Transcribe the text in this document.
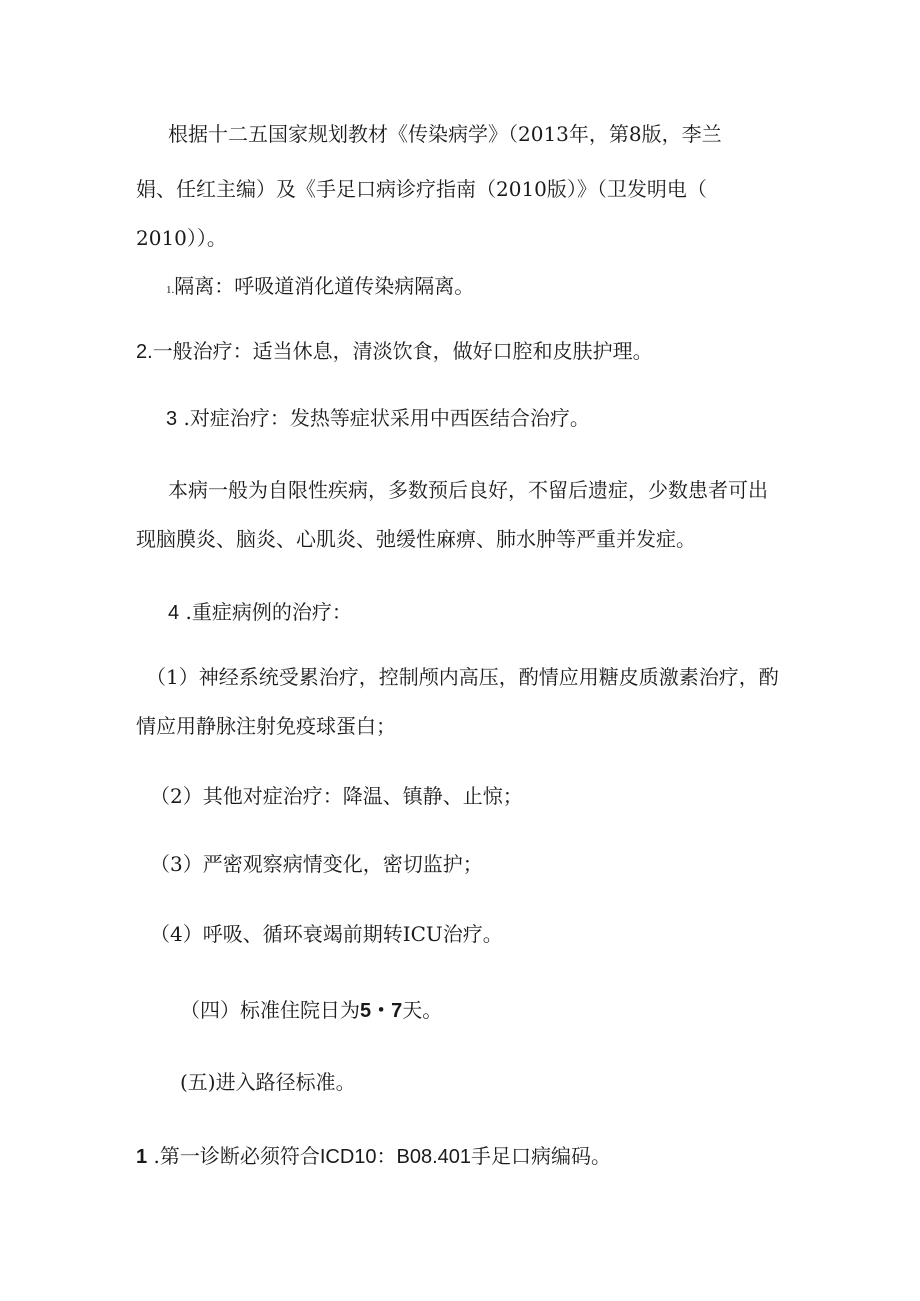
根据十二五国家规划教材《传染病学》（2013年，第8版，李兰
娟、任红主编）及《手足口病诊疗指南（2010版）》（卫发明电（
2010））。
1.隔离：呼吸道消化道传染病隔离。
2.一般治疗：适当休息，清淡饮食，做好口腔和皮肤护理。
3 .对症治疗：发热等症状采用中西医结合治疗。
本病一般为自限性疾病，多数预后良好，不留后遗症，少数患者可出
现脑膜炎、脑炎、心肌炎、弛缓性麻痹、肺水肿等严重并发症。
4 .重症病例的治疗：
（1）神经系统受累治疗，控制颅内高压，酌情应用糖皮质激素治疗，酌
情应用静脉注射免疫球蛋白；
（2）其他对症治疗：降温、镇静、止惊；
（3）严密观察病情变化，密切监护；
（4）呼吸、循环衰竭前期转ICU治疗。
（四）标准住院日为5・7天。
(五)进入路径标准。
1 .第一诊断必须符合ICD10：B08.401手足口病编码。
